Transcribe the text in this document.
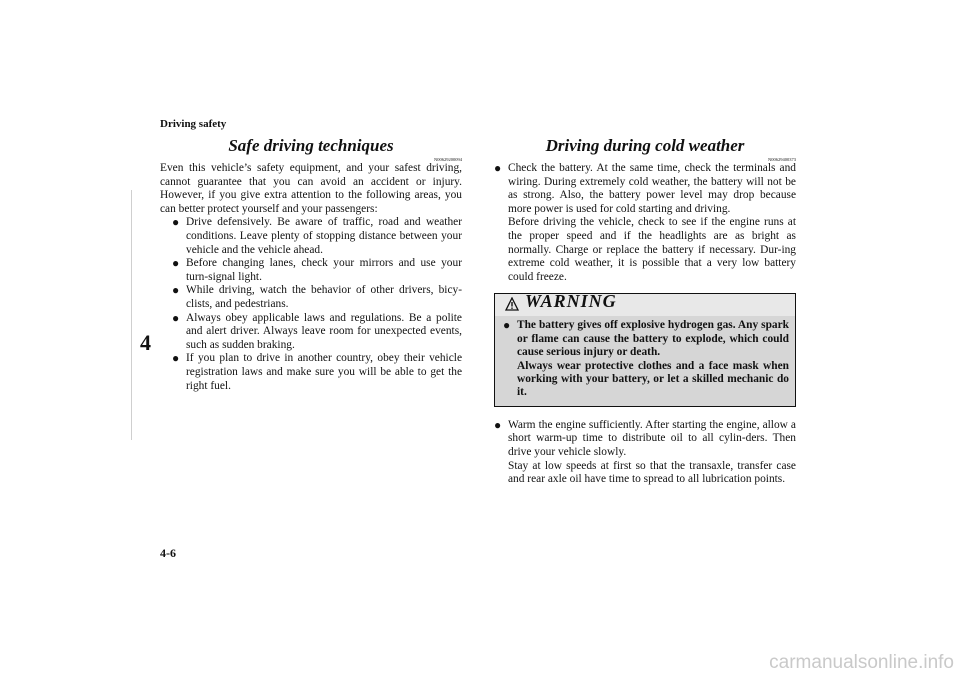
Driving safety
4
Safe driving techniques
N00629200094

Even this vehicle’s safety equipment, and your safest driving, cannot guarantee that you can avoid an accident or injury. However, if you give extra attention to the following areas, you can better protect yourself and your passengers:

● Drive defensively. Be aware of traffic, road and weather conditions. Leave plenty of stopping distance between your vehicle and the vehicle ahead.
● Before changing lanes, check your mirrors and use your turn-signal light.
● While driving, watch the behavior of other drivers, bicy-clists, and pedestrians.
● Always obey applicable laws and regulations. Be a polite and alert driver. Always leave room for unexpected events, such as sudden braking.
● If you plan to drive in another country, obey their vehicle registration laws and make sure you will be able to get the right fuel.
Driving during cold weather
N00629400373
● Check the battery. At the same time, check the terminals and wiring. During extremely cold weather, the battery will not be as strong. Also, the battery power level may drop because more power is used for cold starting and driving.
Before driving the vehicle, check to see if the engine runs at the proper speed and if the headlights are as bright as normally. Charge or replace the battery if necessary. Dur-ing extreme cold weather, it is possible that a very low battery could freeze.
WARNING
● The battery gives off explosive hydrogen gas. Any spark or flame can cause the battery to explode, which could cause serious injury or death.
Always wear protective clothes and a face mask when working with your battery, or let a skilled mechanic do it.
● Warm the engine sufficiently. After starting the engine, allow a short warm-up time to distribute oil to all cylin-ders. Then drive your vehicle slowly.
Stay at low speeds at first so that the transaxle, transfer case and rear axle oil have time to spread to all lubrication points.
4-6
carmanualsonline.info
